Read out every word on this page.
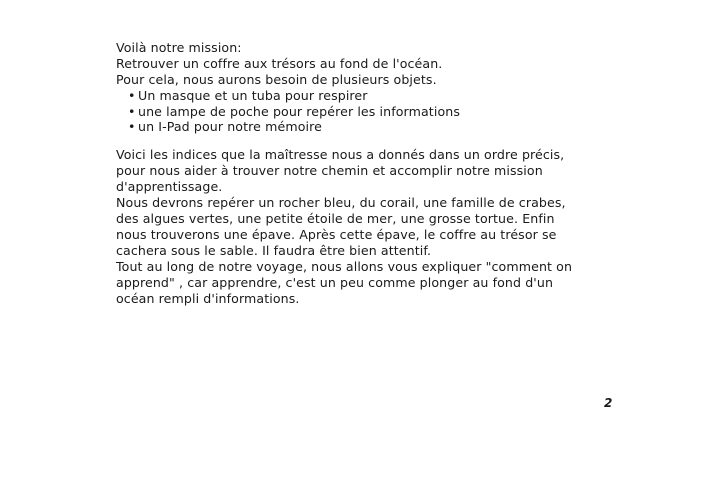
Voilà notre mission:

Retrouver un coffre aux trésors au fond de l'océan.

Pour cela, nous aurons besoin de plusieurs objets.

• Un masque et un tuba pour respirer
• une lampe de poche pour repérer les informations
• un I-Pad pour notre mémoire

Voici les indices que la maîtresse nous a donnés dans un ordre précis,
pour nous aider à trouver notre chemin et accomplir notre mission
d'apprentissage.

Nous devrons repérer un rocher bleu, du corail, une famille de crabes,
des algues vertes, une petite étoile de mer, une grosse tortue. Enfin
nous trouverons une épave. Après cette épave, le coffre au trésor se
cachera sous le sable. Il faudra être bien attentif.

Tout au long de notre voyage, nous allons vous expliquer "comment on
apprend" , car apprendre, c'est un peu comme plonger au fond d'un
océan rempli d'informations.

2
